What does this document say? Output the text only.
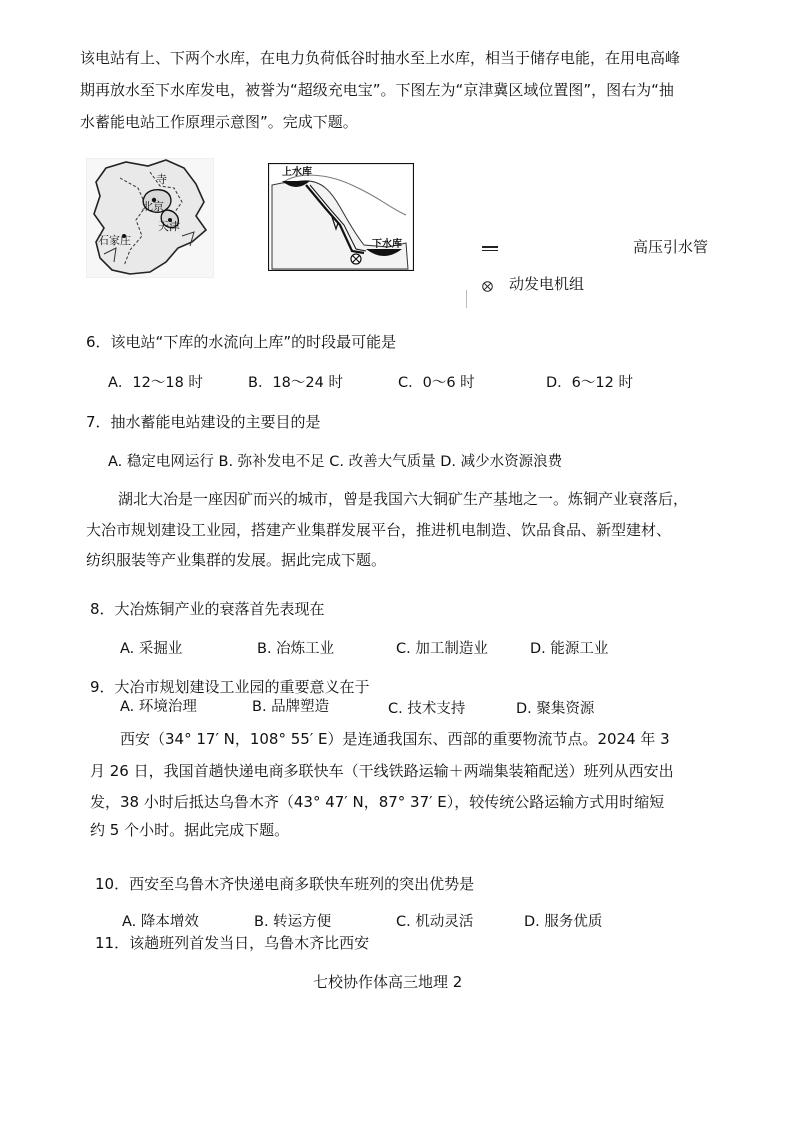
该电站有上、下两个水库，在电力负荷低谷时抽水至上水库，相当于储存电能，在用电高峰
期再放水至下水库发电，被誉为“超级充电宝”。下图左为“京津冀区域位置图”，图右为“抽
水蓄能电站工作原理示意图”。完成下题。
寺
北京
天津
石家庄
上水库
下水库	高压引水管
动发电机组
6．该电站“下库的水流向上库”的时段最可能是
A．12～18 时	B．18～24 时	C．0～6 时	D．6～12 时
7．抽水蓄能电站建设的主要目的是
A. 稳定电网运行 B. 弥补发电不足 C. 改善大气质量 D. 减少水资源浪费
湖北大冶是一座因矿而兴的城市，曾是我国六大铜矿生产基地之一。炼铜产业衰落后，
大冶市规划建设工业园，搭建产业集群发展平台，推进机电制造、饮品食品、新型建材、
纺织服装等产业集群的发展。据此完成下题。
8．大冶炼铜产业的衰落首先表现在
A. 采掘业	B. 冶炼工业	C. 加工制造业	D. 能源工业
9．大冶市规划建设工业园的重要意义在于
A. 环境治理	B. 品牌塑造	C. 技术支持	D. 聚集资源
西安（34° 17′ N，108° 55′ E）是连通我国东、西部的重要物流节点。2024 年 3
月 26 日，我国首趟快递电商多联快车（干线铁路运输＋两端集装箱配送）班列从西安出
发，38 小时后抵达乌鲁木齐（43° 47′ N，87° 37′ E），较传统公路运输方式用时缩短
约 5 个小时。据此完成下题。
10．西安至乌鲁木齐快递电商多联快车班列的突出优势是
A. 降本增效	B. 转运方便	C. 机动灵活	D. 服务优质
11．该趟班列首发当日，乌鲁木齐比西安
七校协作体高三地理 2
